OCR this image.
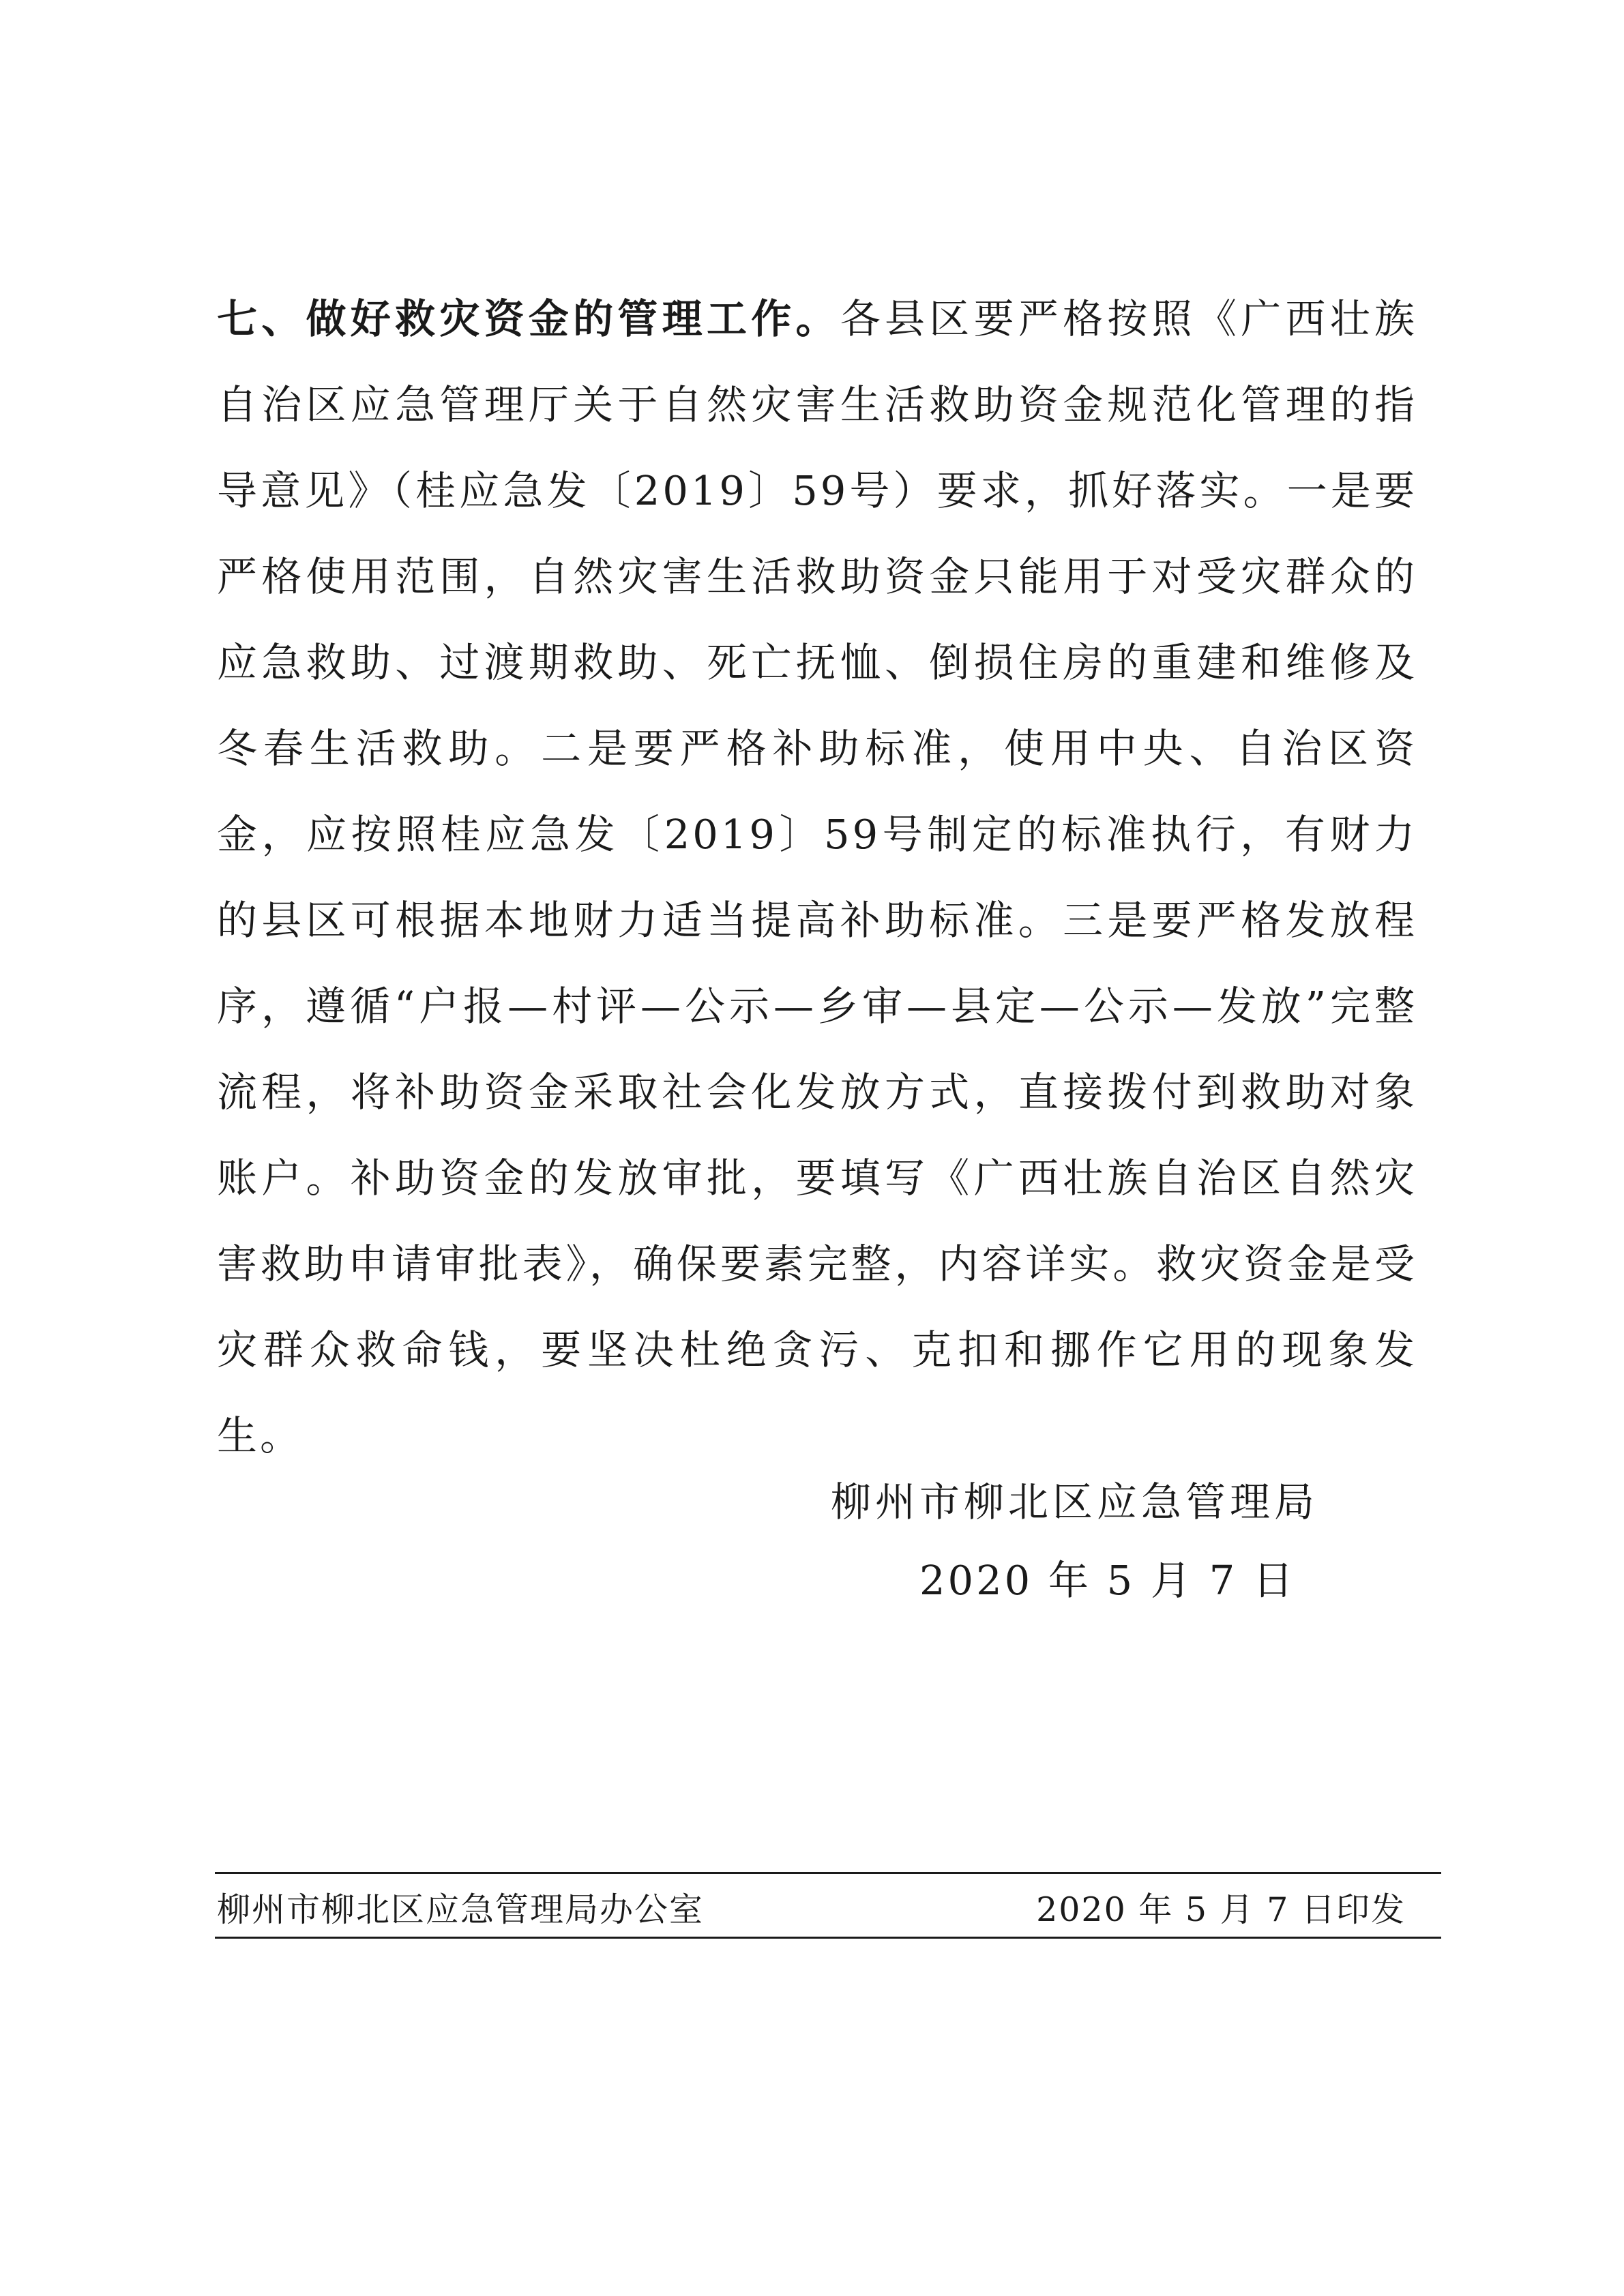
七、做好救灾资金的管理工作。各县区要严格按照《广西壮族自治区应急管理厅关于自然灾害生活救助资金规范化管理的指导意见》（桂应急发〔2019〕59号）要求，抓好落实。一是要严格使用范围，自然灾害生活救助资金只能用于对受灾群众的应急救助、过渡期救助、死亡抚恤、倒损住房的重建和维修及冬春生活救助。二是要严格补助标准，使用中央、自治区资金，应按照桂应急发〔2019〕59号制定的标准执行，有财力的县区可根据本地财力适当提高补助标准。三是要严格发放程序，遵循“户报—村评—公示—乡审—县定—公示—发放”完整流程，将补助资金采取社会化发放方式，直接拨付到救助对象账户。补助资金的发放审批，要填写《广西壮族自治区自然灾害救助申请审批表》，确保要素完整，内容详实。救灾资金是受灾群众救命钱，要坚决杜绝贪污、克扣和挪作它用的现象发生。

柳州市柳北区应急管理局
2020 年 5 月 7 日
柳州市柳北区应急管理局办公室	2020 年 5 月 7 日印发
